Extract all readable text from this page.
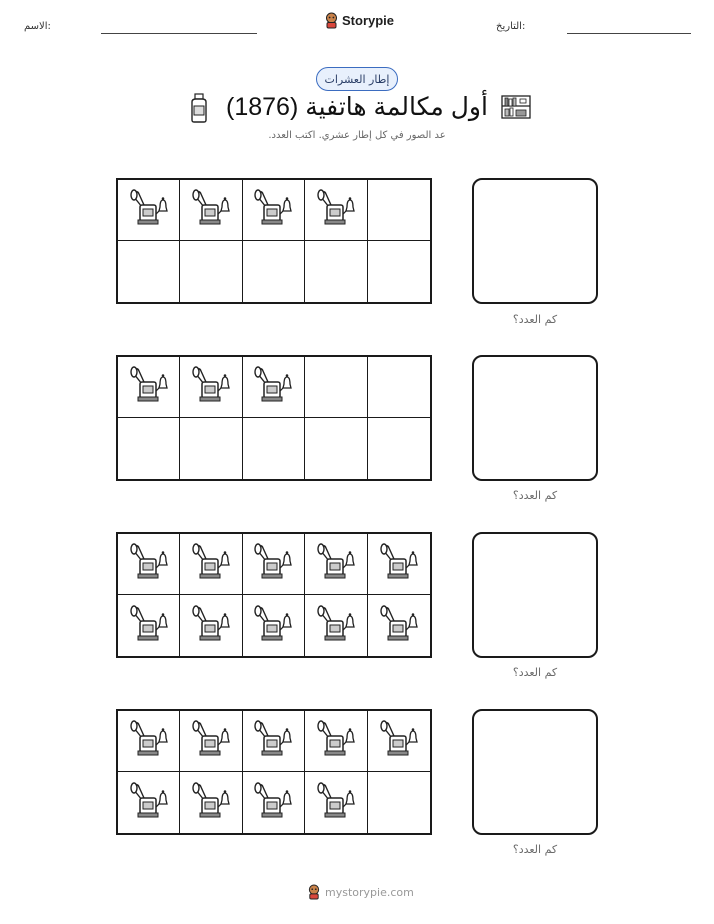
الاسم:	Storypie	التاريخ:
إطار العشرات
أول مكالمة هاتفية (1876)
عد الصور في كل إطار عشري. اكتب العدد.
كم العدد؟
كم العدد؟
كم العدد؟
كم العدد؟
mystorypie.com
